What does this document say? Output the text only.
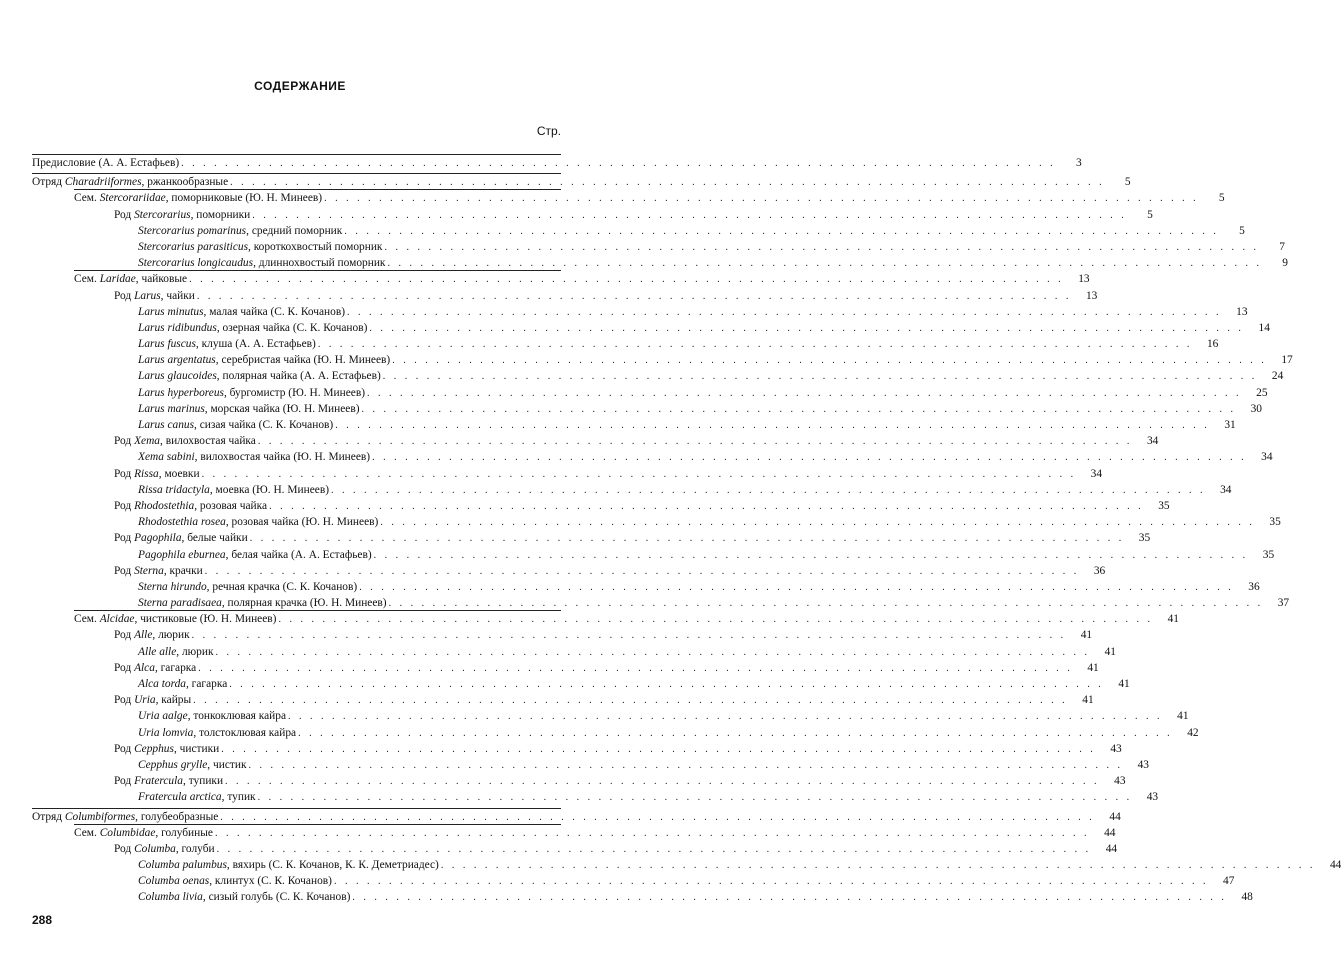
СОДЕРЖАНИЕ
Стр.
Предисловие (А. А. Естафьев) . . . . . . . . . . . . . . . . . . . . . . . . . . . . . . . . . . . . . . . . . . . . . . . . . . . . . . . . . . . . . . . . . . . . . . . . . . . . . . . .	3
Отряд Charadriiformes, ржанкообразные . . . . . . . . . . . . . . . . . . . . . . . . . . . . . . . . . . . . . . . . . . . . . . . . . . . . . . . . . . . . . . . . . . . . . . . . . . . . . . . .	5
Сем. Stercorariidae, поморниковые (Ю. Н. Минеев) . . . . . . . . . . . . . . . . . . . . . . . . . . . . . . . . . . . . . . . . . . . . . . . . . . . . . . . . . . . . . . . . . . . . . . . . . . . . . . . .	5
Род Stercorarius, поморники . . . . . . . . . . . . . . . . . . . . . . . . . . . . . . . . . . . . . . . . . . . . . . . . . . . . . . . . . . . . . . . . . . . . . . . . . . . . . . . .	5
Stercorarius pomarinus, средний поморник . . . . . . . . . . . . . . . . . . . . . . . . . . . . . . . . . . . . . . . . . . . . . . . . . . . . . . . . . . . . . . . . . . . . . . . . . . . . . . . .	5
Stercorarius parasiticus, короткохвостый поморник . . . . . . . . . . . . . . . . . . . . . . . . . . . . . . . . . . . . . . . . . . . . . . . . . . . . . . . . . . . . . . . . . . . . . . . . . . . . . . . .	7
Stercorarius longicaudus, длиннохвостый поморник . . . . . . . . . . . . . . . . . . . . . . . . . . . . . . . . . . . . . . . . . . . . . . . . . . . . . . . . . . . . . . . . . . . . . . . . . . . . . . . .	9
Сем. Laridae, чайковые . . . . . . . . . . . . . . . . . . . . . . . . . . . . . . . . . . . . . . . . . . . . . . . . . . . . . . . . . . . . . . . . . . . . . . . . . . . . . . . .	13
Род Larus, чайки . . . . . . . . . . . . . . . . . . . . . . . . . . . . . . . . . . . . . . . . . . . . . . . . . . . . . . . . . . . . . . . . . . . . . . . . . . . . . . . .	13
Larus minutus, малая чайка (С. К. Кочанов) . . . . . . . . . . . . . . . . . . . . . . . . . . . . . . . . . . . . . . . . . . . . . . . . . . . . . . . . . . . . . . . . . . . . . . . . . . . . . . . .	13
Larus ridibundus, озерная чайка (С. К. Кочанов) . . . . . . . . . . . . . . . . . . . . . . . . . . . . . . . . . . . . . . . . . . . . . . . . . . . . . . . . . . . . . . . . . . . . . . . . . . . . . . . .	14
Larus fuscus, клуша (А. А. Естафьев) . . . . . . . . . . . . . . . . . . . . . . . . . . . . . . . . . . . . . . . . . . . . . . . . . . . . . . . . . . . . . . . . . . . . . . . . . . . . . . . .	16
Larus argentatus, серебристая чайка (Ю. Н. Минеев) . . . . . . . . . . . . . . . . . . . . . . . . . . . . . . . . . . . . . . . . . . . . . . . . . . . . . . . . . . . . . . . . . . . . . . . . . . . . . . . .	17
Larus glaucoides, полярная чайка (А. А. Естафьев) . . . . . . . . . . . . . . . . . . . . . . . . . . . . . . . . . . . . . . . . . . . . . . . . . . . . . . . . . . . . . . . . . . . . . . . . . . . . . . . .	24
Larus hyperboreus, бургомистр (Ю. Н. Минеев) . . . . . . . . . . . . . . . . . . . . . . . . . . . . . . . . . . . . . . . . . . . . . . . . . . . . . . . . . . . . . . . . . . . . . . . . . . . . . . . .	25
Larus marinus, морская чайка (Ю. Н. Минеев) . . . . . . . . . . . . . . . . . . . . . . . . . . . . . . . . . . . . . . . . . . . . . . . . . . . . . . . . . . . . . . . . . . . . . . . . . . . . . . . .	30
Larus canus, сизая чайка (С. К. Кочанов) . . . . . . . . . . . . . . . . . . . . . . . . . . . . . . . . . . . . . . . . . . . . . . . . . . . . . . . . . . . . . . . . . . . . . . . . . . . . . . . .	31
Род Xema, вилохвостая чайка . . . . . . . . . . . . . . . . . . . . . . . . . . . . . . . . . . . . . . . . . . . . . . . . . . . . . . . . . . . . . . . . . . . . . . . . . . . . . . . .	34
Xema sabini, вилохвостая чайка (Ю. Н. Минеев) . . . . . . . . . . . . . . . . . . . . . . . . . . . . . . . . . . . . . . . . . . . . . . . . . . . . . . . . . . . . . . . . . . . . . . . . . . . . . . . .	34
Род Rissa, моевки . . . . . . . . . . . . . . . . . . . . . . . . . . . . . . . . . . . . . . . . . . . . . . . . . . . . . . . . . . . . . . . . . . . . . . . . . . . . . . . .	34
Rissa tridactyla, моевка (Ю. Н. Минеев) . . . . . . . . . . . . . . . . . . . . . . . . . . . . . . . . . . . . . . . . . . . . . . . . . . . . . . . . . . . . . . . . . . . . . . . . . . . . . . . .	34
Род Rhodostethia, розовая чайка . . . . . . . . . . . . . . . . . . . . . . . . . . . . . . . . . . . . . . . . . . . . . . . . . . . . . . . . . . . . . . . . . . . . . . . . . . . . . . . .	35
Rhodostethia rosea, розовая чайка (Ю. Н. Минеев) . . . . . . . . . . . . . . . . . . . . . . . . . . . . . . . . . . . . . . . . . . . . . . . . . . . . . . . . . . . . . . . . . . . . . . . . . . . . . . . .	35
Род Pagophila, белые чайки . . . . . . . . . . . . . . . . . . . . . . . . . . . . . . . . . . . . . . . . . . . . . . . . . . . . . . . . . . . . . . . . . . . . . . . . . . . . . . . .	35
Pagophila eburnea, белая чайка (А. А. Естафьев) . . . . . . . . . . . . . . . . . . . . . . . . . . . . . . . . . . . . . . . . . . . . . . . . . . . . . . . . . . . . . . . . . . . . . . . . . . . . . . . .	35
Род Sterna, крачки . . . . . . . . . . . . . . . . . . . . . . . . . . . . . . . . . . . . . . . . . . . . . . . . . . . . . . . . . . . . . . . . . . . . . . . . . . . . . . . .	36
Sterna hirundo, речная крачка (С. К. Кочанов) . . . . . . . . . . . . . . . . . . . . . . . . . . . . . . . . . . . . . . . . . . . . . . . . . . . . . . . . . . . . . . . . . . . . . . . . . . . . . . . .	36
Sterna paradisaea, полярная крачка (Ю. Н. Минеев) . . . . . . . . . . . . . . . . . . . . . . . . . . . . . . . . . . . . . . . . . . . . . . . . . . . . . . . . . . . . . . . . . . . . . . . . . . . . . . . .	37
Сем. Alcidae, чистиковые (Ю. Н. Минеев) . . . . . . . . . . . . . . . . . . . . . . . . . . . . . . . . . . . . . . . . . . . . . . . . . . . . . . . . . . . . . . . . . . . . . . . . . . . . . . . .	41
Род Alle, люрик . . . . . . . . . . . . . . . . . . . . . . . . . . . . . . . . . . . . . . . . . . . . . . . . . . . . . . . . . . . . . . . . . . . . . . . . . . . . . . . .	41
Alle alle, люрик . . . . . . . . . . . . . . . . . . . . . . . . . . . . . . . . . . . . . . . . . . . . . . . . . . . . . . . . . . . . . . . . . . . . . . . . . . . . . . . .	41
Род Alca, гагарка . . . . . . . . . . . . . . . . . . . . . . . . . . . . . . . . . . . . . . . . . . . . . . . . . . . . . . . . . . . . . . . . . . . . . . . . . . . . . . . .	41
Alca torda, гагарка . . . . . . . . . . . . . . . . . . . . . . . . . . . . . . . . . . . . . . . . . . . . . . . . . . . . . . . . . . . . . . . . . . . . . . . . . . . . . . . .	41
Род Uria, кайры . . . . . . . . . . . . . . . . . . . . . . . . . . . . . . . . . . . . . . . . . . . . . . . . . . . . . . . . . . . . . . . . . . . . . . . . . . . . . . . .	41
Uria aalge, тонкоклювая кайра . . . . . . . . . . . . . . . . . . . . . . . . . . . . . . . . . . . . . . . . . . . . . . . . . . . . . . . . . . . . . . . . . . . . . . . . . . . . . . . .	41
Uria lomvia, толстоклювая кайра . . . . . . . . . . . . . . . . . . . . . . . . . . . . . . . . . . . . . . . . . . . . . . . . . . . . . . . . . . . . . . . . . . . . . . . . . . . . . . . .	42
Род Cepphus, чистики . . . . . . . . . . . . . . . . . . . . . . . . . . . . . . . . . . . . . . . . . . . . . . . . . . . . . . . . . . . . . . . . . . . . . . . . . . . . . . . .	43
Cepphus grylle, чистик . . . . . . . . . . . . . . . . . . . . . . . . . . . . . . . . . . . . . . . . . . . . . . . . . . . . . . . . . . . . . . . . . . . . . . . . . . . . . . . .	43
Род Fratercula, тупики . . . . . . . . . . . . . . . . . . . . . . . . . . . . . . . . . . . . . . . . . . . . . . . . . . . . . . . . . . . . . . . . . . . . . . . . . . . . . . . .	43
Fratercula arctica, тупик . . . . . . . . . . . . . . . . . . . . . . . . . . . . . . . . . . . . . . . . . . . . . . . . . . . . . . . . . . . . . . . . . . . . . . . . . . . . . . . .	43
Отряд Columbiformes, голубеобразные . . . . . . . . . . . . . . . . . . . . . . . . . . . . . . . . . . . . . . . . . . . . . . . . . . . . . . . . . . . . . . . . . . . . . . . . . . . . . . . .	44
Сем. Columbidae, голубиные . . . . . . . . . . . . . . . . . . . . . . . . . . . . . . . . . . . . . . . . . . . . . . . . . . . . . . . . . . . . . . . . . . . . . . . . . . . . . . . .	44
Род Columba, голуби . . . . . . . . . . . . . . . . . . . . . . . . . . . . . . . . . . . . . . . . . . . . . . . . . . . . . . . . . . . . . . . . . . . . . . . . . . . . . . . .	44
Columba palumbus, вяхирь (С. К. Кочанов, К. К. Деметриадес) . . . . . . . . . . . . . . . . . . . . . . . . . . . . . . . . . . . . . . . . . . . . . . . . . . . . . . . . . . . . . . . . . . . . . . . . . . . . . . . .	44
Columba oenas, клинтух (С. К. Кочанов) . . . . . . . . . . . . . . . . . . . . . . . . . . . . . . . . . . . . . . . . . . . . . . . . . . . . . . . . . . . . . . . . . . . . . . . . . . . . . . . .	47
Columba livia, сизый голубь (С. К. Кочанов) . . . . . . . . . . . . . . . . . . . . . . . . . . . . . . . . . . . . . . . . . . . . . . . . . . . . . . . . . . . . . . . . . . . . . . . . . . . . . . . .	48
288
